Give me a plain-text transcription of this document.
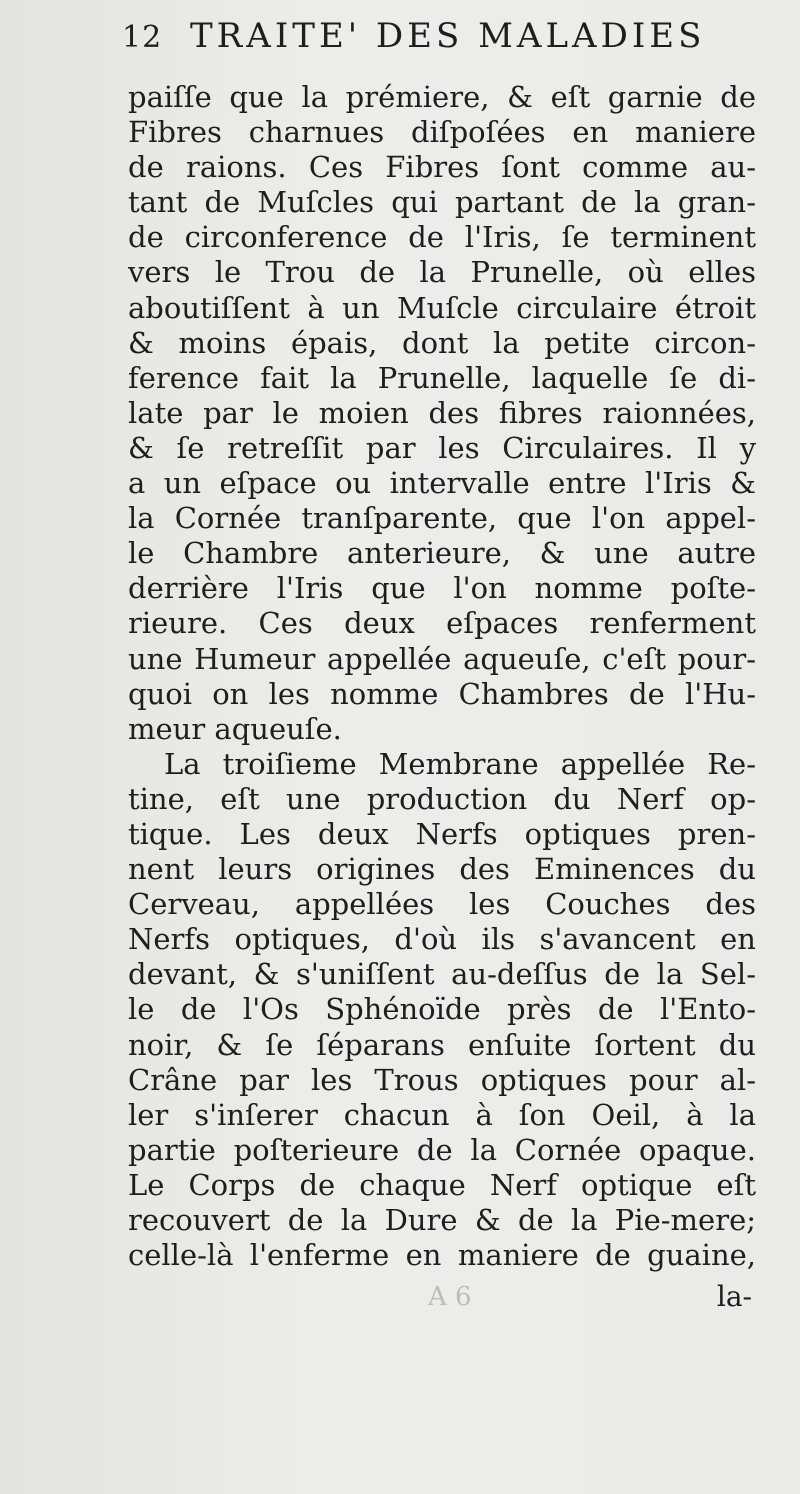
12 TRAITE' DES MALADIES
paiſſe que la prémiere, & eſt garnie de
Fibres charnues diſpoſées en maniere
de raions. Ces Fibres ſont comme au-
tant de Muſcles qui partant de la gran-
de circonference de l'Iris, ſe terminent
vers le Trou de la Prunelle, où elles
aboutiſſent à un Muſcle circulaire étroit
& moins épais, dont la petite circon-
ference fait la Prunelle, laquelle ſe di-
late par le moien des fibres raionnées,
& ſe retreſſit par les Circulaires. Il y
a un eſpace ou intervalle entre l'Iris &
la Cornée tranſparente, que l'on appel-
le Chambre anterieure, & une autre
derrière l'Iris que l'on nomme poſte-
rieure. Ces deux eſpaces renferment
une Humeur appellée aqueuſe, c'eſt pour-
quoi on les nomme Chambres de l'Hu-
meur aqueuſe.
La troiſieme Membrane appellée Re-
tine, eſt une production du Nerf op-
tique. Les deux Nerfs optiques pren-
nent leurs origines des Eminences du
Cerveau, appellées les Couches des
Nerfs optiques, d'où ils s'avancent en
devant, & s'uniſſent au-deſſus de la Sel-
le de l'Os Sphénoïde près de l'Ento-
noir, & ſe ſéparans enſuite ſortent du
Crâne par les Trous optiques pour al-
ler s'inſerer chacun à ſon Oeil, à la
partie poſterieure de la Cornée opaque.
Le Corps de chaque Nerf optique eſt
recouvert de la Dure & de la Pie-mere;
celle-là l'enferme en maniere de guaine,
A 6	la-
